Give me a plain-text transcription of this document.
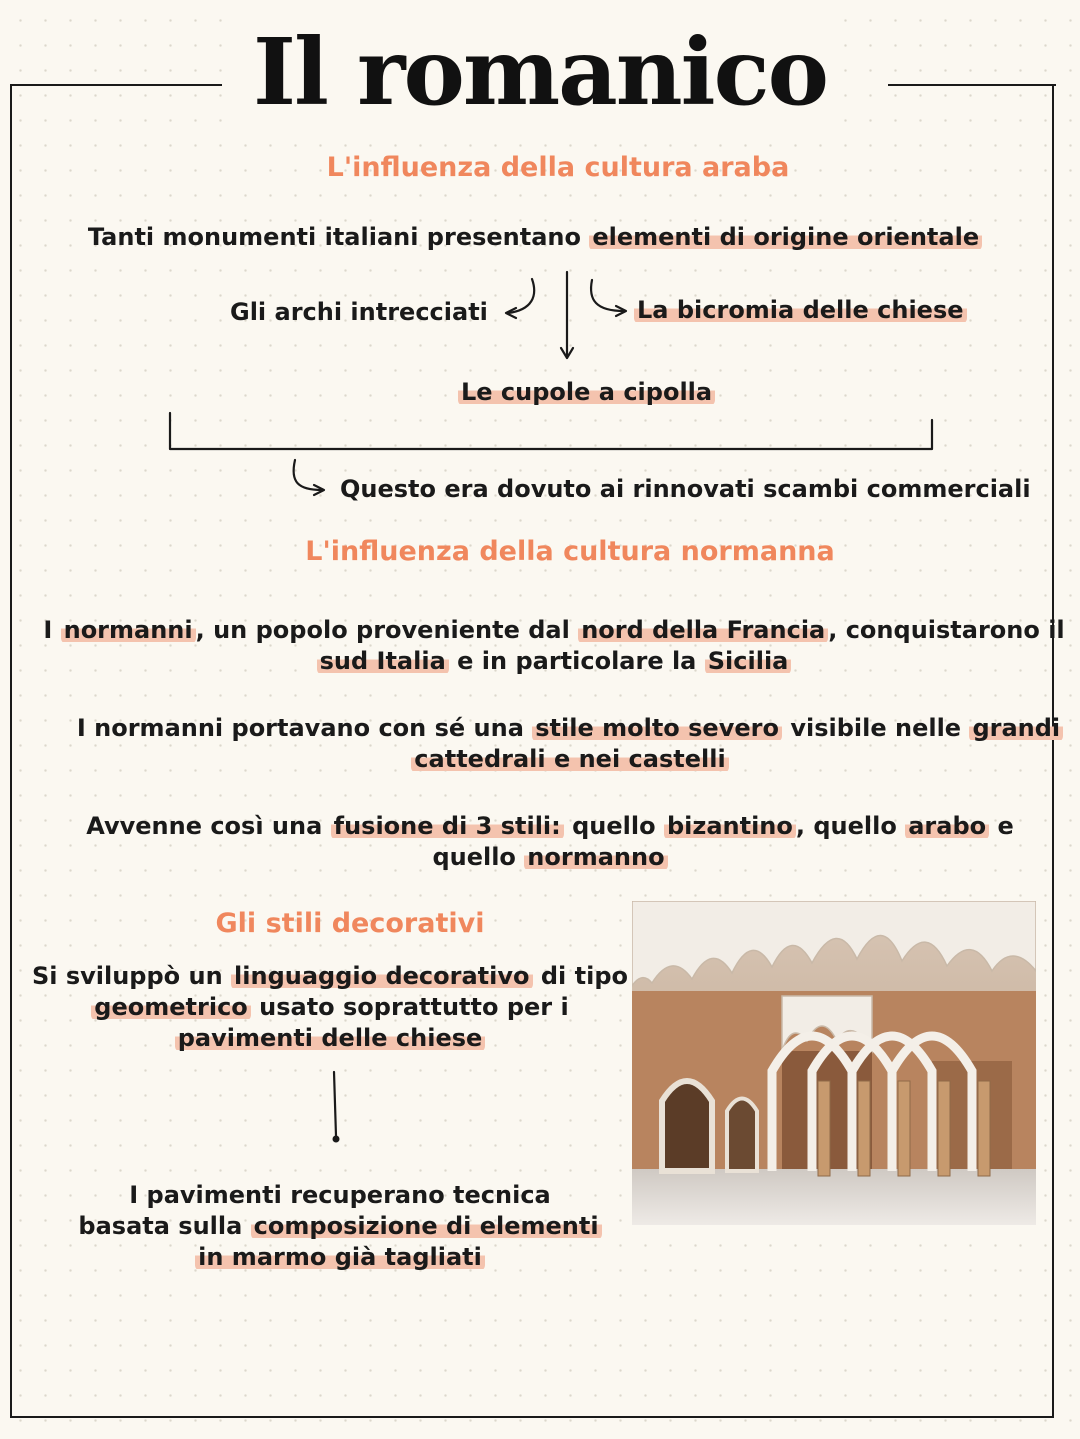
Il romanico
L'influenza della cultura araba
Tanti monumenti italiani presentano elementi di origine orientale
Gli archi intrecciati	La bicromia delle chiese
Le cupole a cipolla
Questo era dovuto ai rinnovati scambi commerciali
L'influenza della cultura normanna
I normanni , un popolo proveniente dal nord della Francia , conquistarono il
sud Italia e in particolare la Sicilia
I normanni portavano con sé una stile molto severo visibile nelle grandi
cattedrali e nei castelli
Avvenne così una fusione di 3 stili: quello bizantino , quello arabo e
quello normanno
Gli stili decorativi
Si sviluppò un linguaggio decorativo di tipo
geometrico usato soprattutto per i
pavimenti delle chiese
I pavimenti recuperano tecnica
basata sulla composizione di elementi
in marmo già tagliati
